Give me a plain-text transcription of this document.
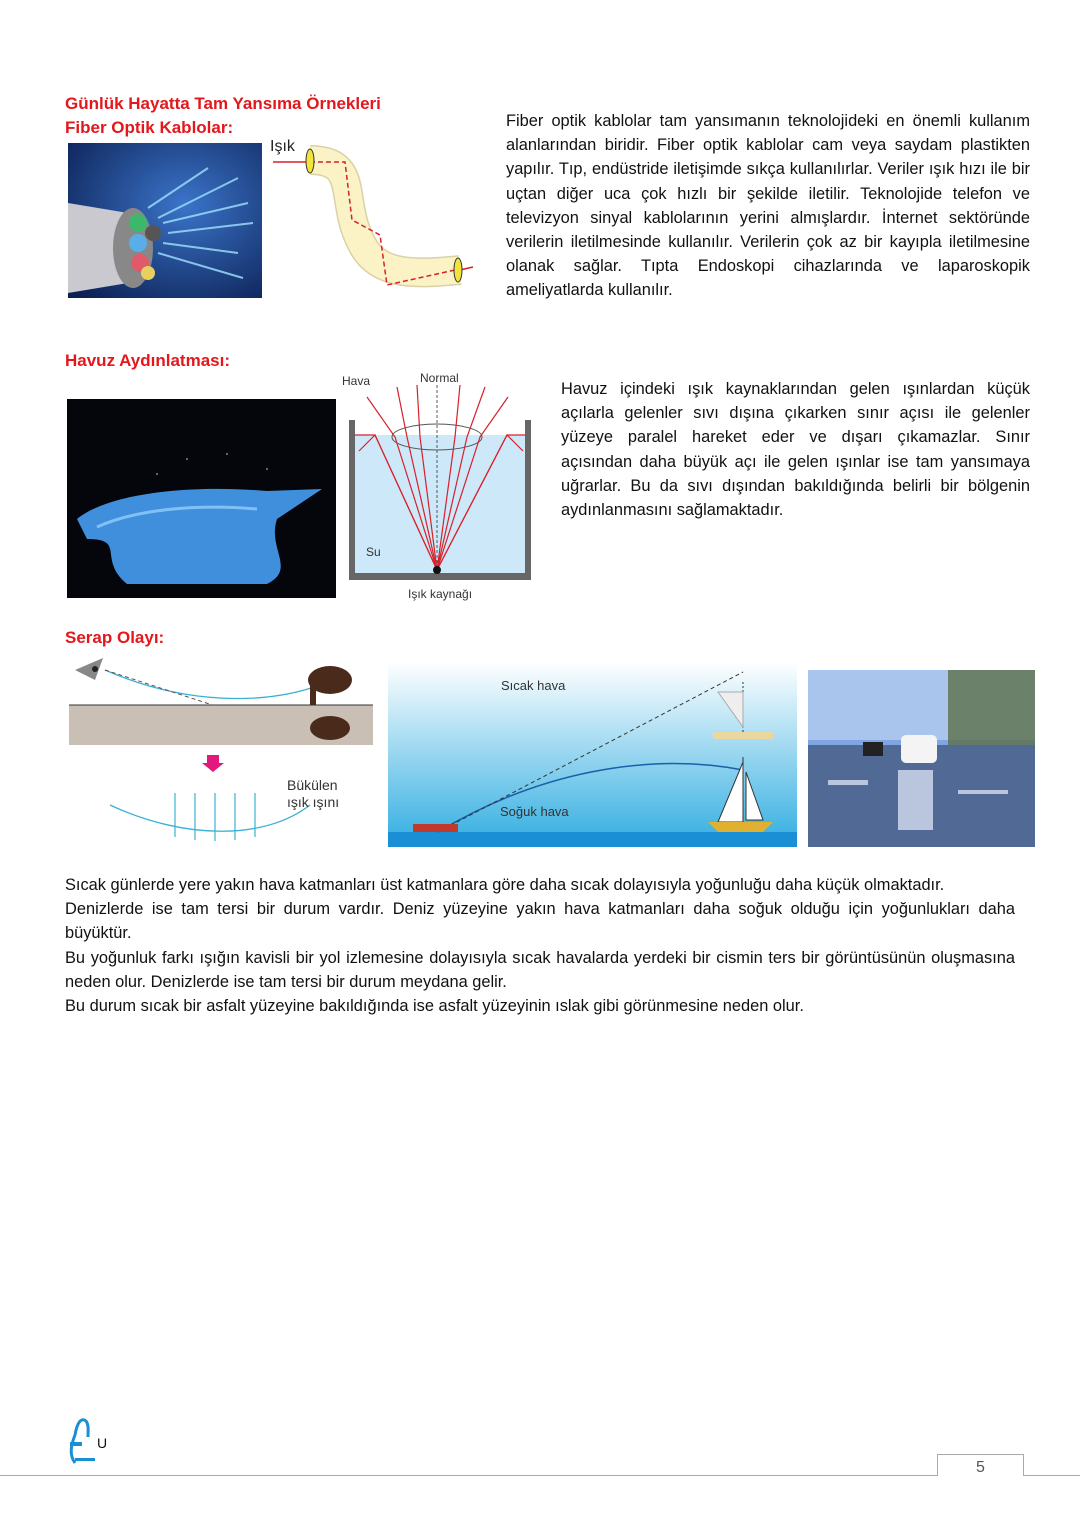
Günlük Hayatta Tam Yansıma Örnekleri
Fiber Optik Kablolar:
Işık
Fiber optik kablolar tam yansımanın teknolojideki en önemli kullanım alanlarından biridir. Fiber optik kablolar cam veya saydam plastikten yapılır. Tıp, endüstride iletişimde sıkça kullanılırlar. Veriler ışık hızı ile bir uçtan diğer uca çok hızlı bir şekilde iletilir. Teknolojide telefon ve televizyon sinyal kablolarının yerini almışlardır. İnternet sektöründe verilerin iletilmesinde kullanılır. Verilerin çok az bir kayıpla iletilmesine olanak sağlar. Tıpta Endoskopi cihazlarında ve laparoskopik ameliyatlarda kullanılır.
Havuz Aydınlatması:
Hava	Normal
Su
Işık kaynağı
Havuz içindeki ışık kaynaklarından gelen ışınlardan küçük açılarla gelenler sıvı dışına çıkarken sınır açısı ile gelenler yüzeye paralel hareket eder ve dışarı çıkamazlar. Sınır açısından daha büyük açı ile gelen ışınlar ise tam yansımaya uğrarlar. Bu da sıvı dışından bakıldığında belirli bir bölgenin aydınlanmasını sağlamaktadır.
Serap Olayı:
Bükülen
ışık ışını
Sıcak hava
Soğuk hava

Sıcak günlerde yere yakın hava katmanları üst katmanlara göre daha sıcak dolayısıyla yoğunluğu daha küçük olmaktadır.

Denizlerde ise tam tersi bir durum vardır. Deniz yüzeyine yakın hava katmanları daha soğuk olduğu için yoğunlukları daha büyüktür.

Bu yoğunluk farkı ışığın kavisli bir yol izlemesine dolayısıyla sıcak havalarda yerdeki bir cismin ters bir görüntüsünün oluşmasına neden olur. Denizlerde ise tam tersi bir durum meydana gelir.

Bu durum sıcak bir asfalt yüzeyine bakıldığında ise asfalt yüzeyinin ıslak gibi görünmesine neden olur.

U
5
